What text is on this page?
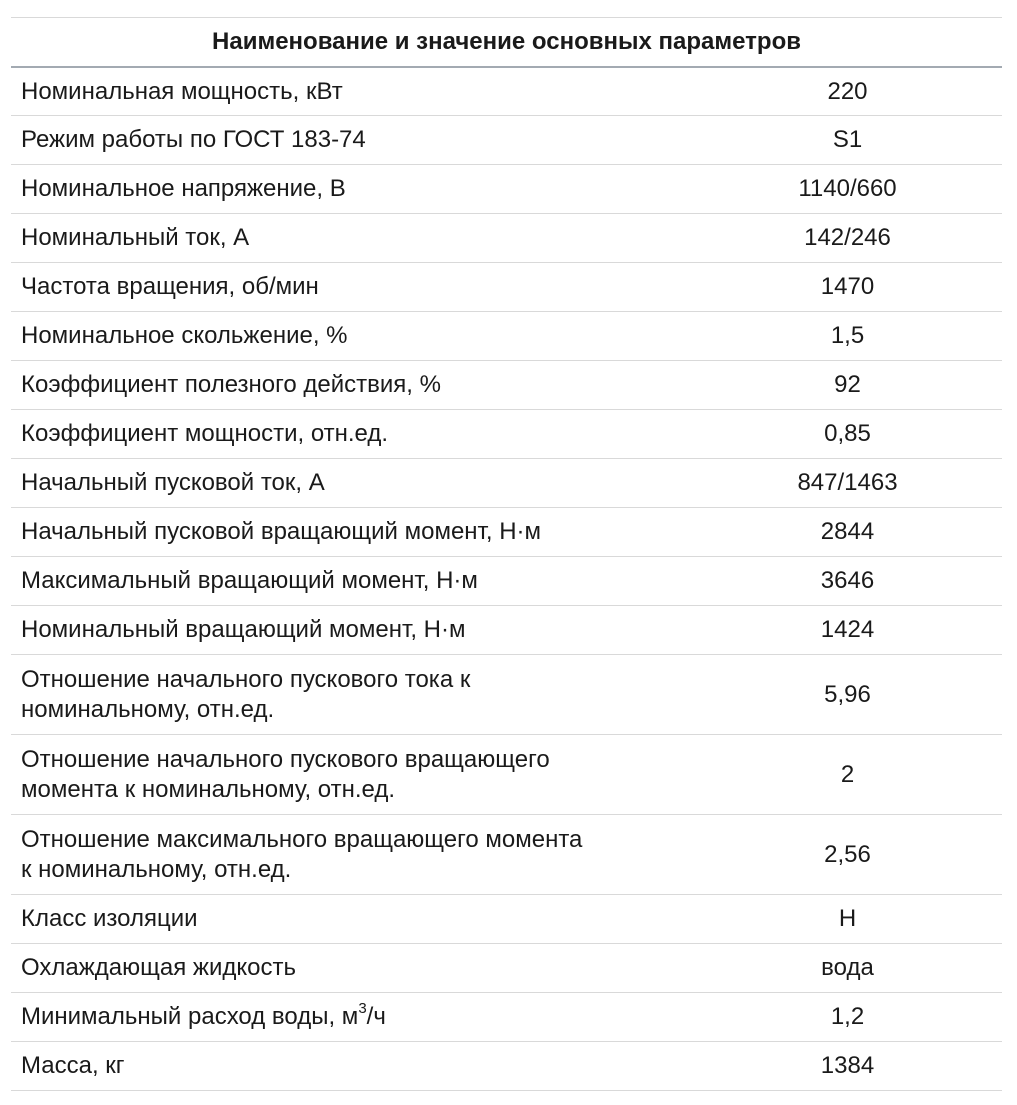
Наименование и значение основных параметров	
Номинальная мощность, кВт	220
Режим работы по ГОСТ 183-74	S1
Номинальное напряжение, В	1140/660
Номинальный ток, А	142/246
Частота вращения, об/мин	1470
Номинальное скольжение, %	1,5
Коэффициент полезного действия, %	92
Коэффициент мощности, отн.ед.	0,85
Начальный пусковой ток, А	847/1463
Начальный пусковой вращающий момент, Н·м	2844
Максимальный вращающий момент, Н·м	3646
Номинальный вращающий момент, Н·м	1424
Отношение начального пускового тока к
номинальному, отн.ед.	5,96
Отношение начального пускового вращающего
момента к номинальному, отн.ед.	2
Отношение максимального вращающего момента
к номинальному, отн.ед.	2,56
Класс изоляции	H
Охлаждающая жидкость	вода
Минимальный расход воды, $м^3/ч$	1,2
Масса, кг	1384
